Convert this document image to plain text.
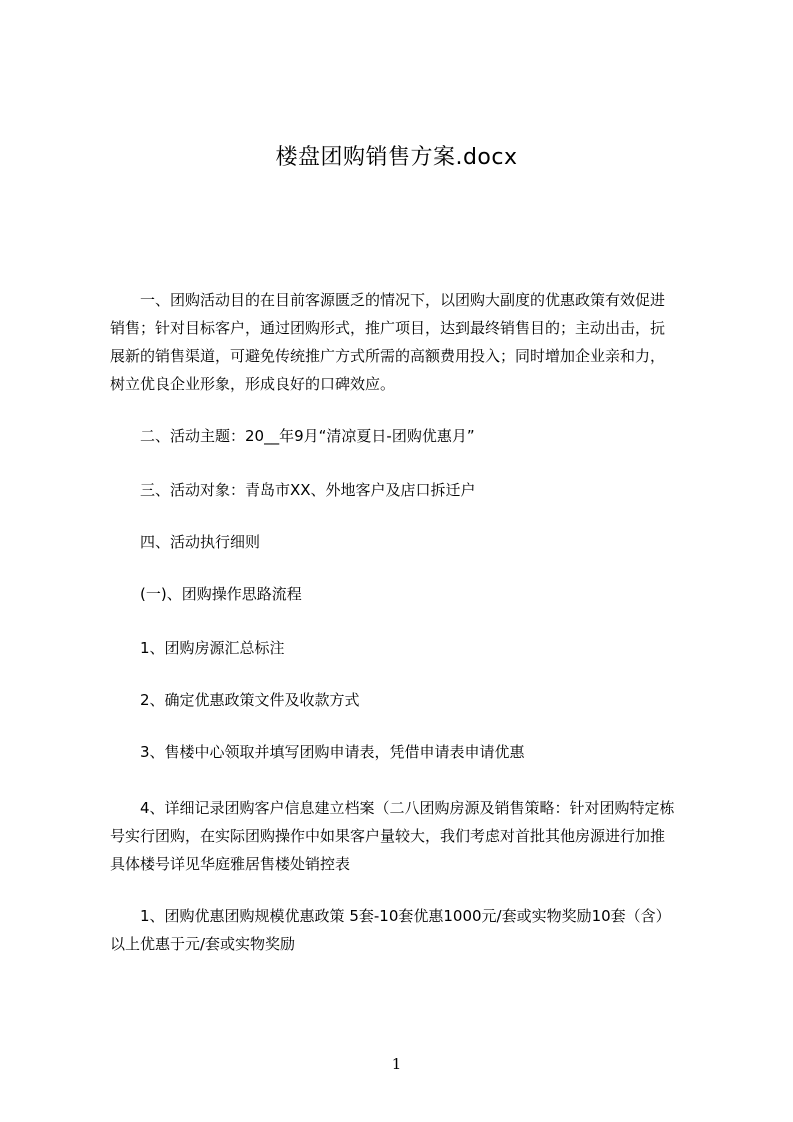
楼盘团购销售方案.docx
一、团购活动目的在目前客源匮乏的情况下，以团购大副度的优惠政策有效促进
销售；针对目标客户，通过团购形式，推广项目，达到最终销售目的；主动出击，抏
展新的销售渠道，可避免传统推广方式所需的高额费用投入；同时增加企业亲和力，
树立优良企业形象，形成良好的口碑效应。
二、活动主题：20__年9月“清凉夏日-团购优惠月”
三、活动对象：青岛市XX、外地客户及店口拆迁户
四、活动执行细则
(一)、团购操作思路流程
1、团购房源汇总标注
2、确定优惠政策文件及收款方式
3、售楼中心领取并填写团购申请表，凭借申请表申请优惠
4、详细记录团购客户信息建立档案（二八团购房源及销售策略：针对团购特定栋
号实行团购，在实际团购操作中如果客户量较大，我们考虑对首批其他房源进行加推
具体楼号详见华庭雅居售楼处销控表
1、团购优惠团购规模优惠政策 5套-10套优惠1000元/套或实物奖励10套（含）
以上优惠于元/套或实物奖励
1
